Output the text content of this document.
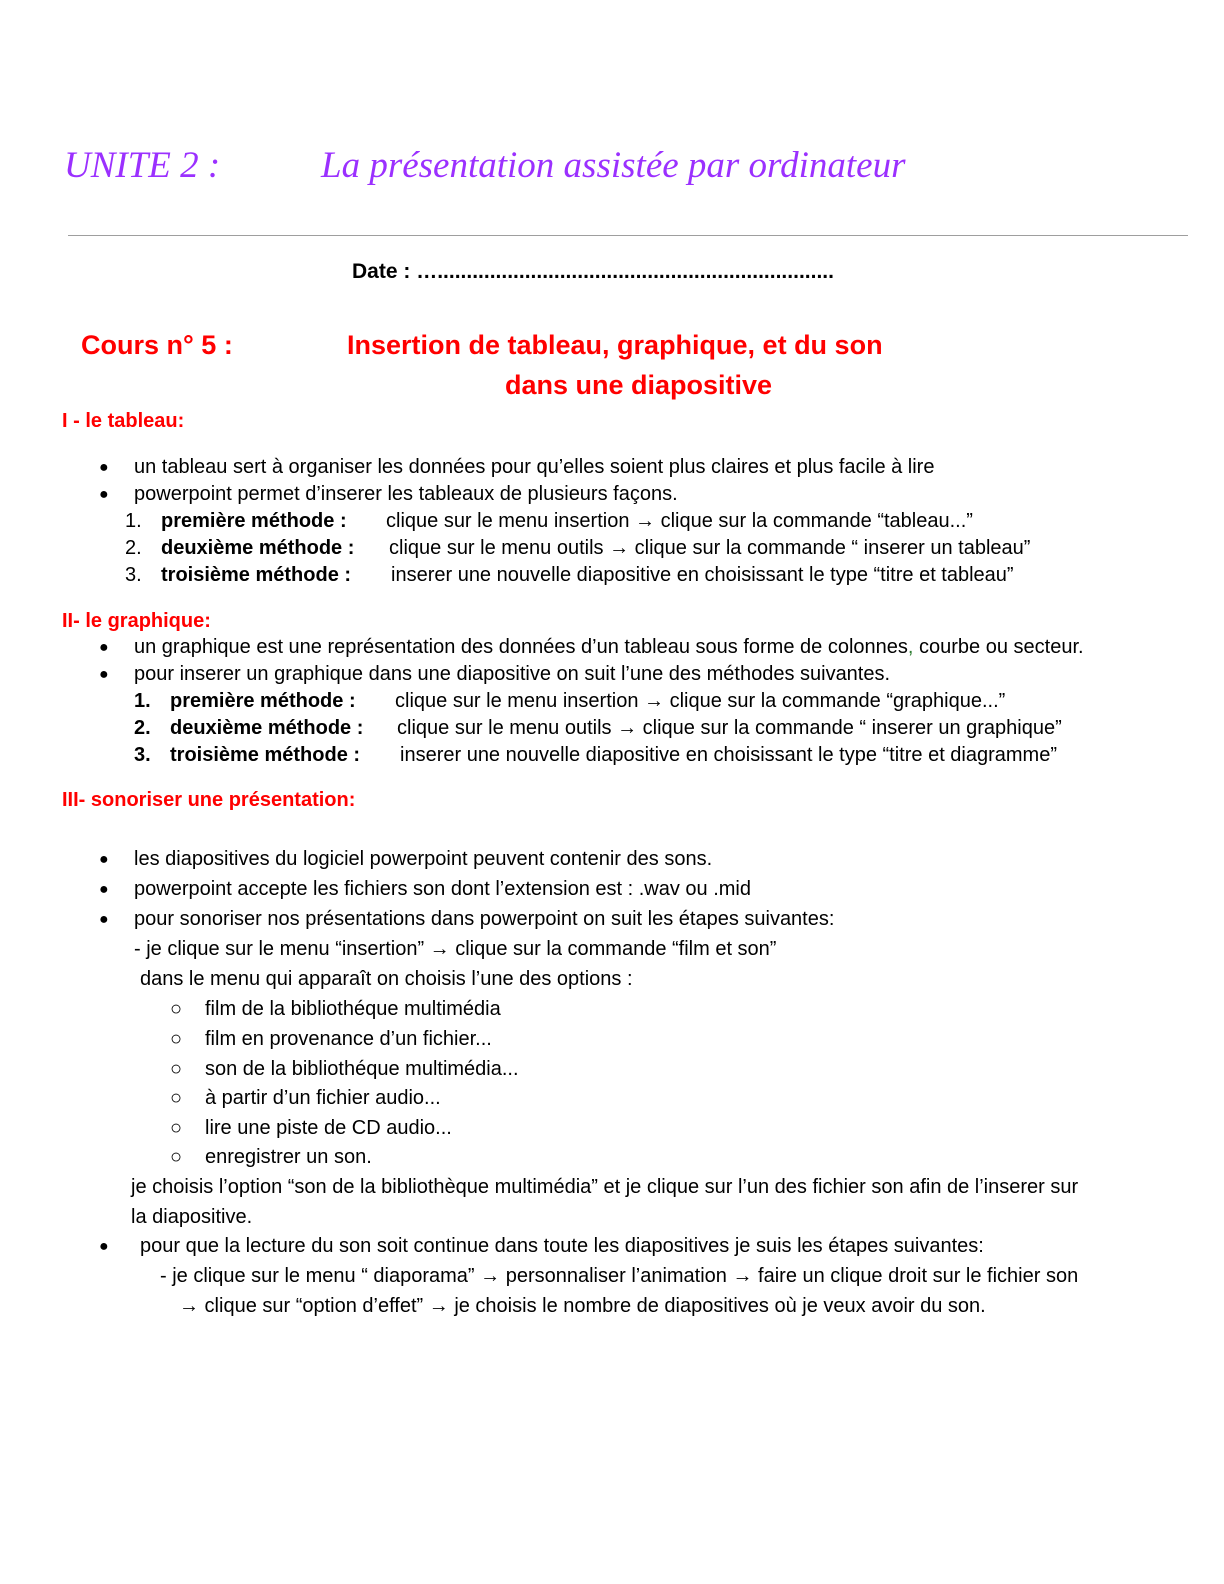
UNITE 2 :	La présentation assistée par ordinateur
Date : …....................................................................
Cours n° 5 :	Insertion de tableau, graphique, et du son
dans une diapositive
I - le tableau:
● un tableau sert à organiser les données pour qu’elles soient plus claires et plus facile à lire
● powerpoint permet d’inserer les tableaux de plusieurs façons.
1. première méthode : clique sur le menu insertion → clique sur la commande “tableau...”
2. deuxième méthode : clique sur le menu outils → clique sur la commande “ inserer un tableau”
3. troisième méthode : inserer une nouvelle diapositive en choisissant le type “titre et tableau”
II- le graphique:
● un graphique est une représentation des données d’un tableau sous forme de colonnes, courbe ou secteur.
● pour inserer un graphique dans une diapositive on suit l’une des méthodes suivantes.
1. première méthode : clique sur le menu insertion → clique sur la commande “graphique...”
2. deuxième méthode : clique sur le menu outils → clique sur la commande “ inserer un graphique”
3. troisième méthode : inserer une nouvelle diapositive en choisissant le type “titre et diagramme”
III- sonoriser une présentation:
● les diapositives du logiciel powerpoint peuvent contenir des sons.
● powerpoint accepte les fichiers son dont l’extension est : .wav ou .mid
● pour sonoriser nos présentations dans powerpoint on suit les étapes suivantes:
- je clique sur le menu “insertion” → clique sur la commande “film et son”
dans le menu qui apparaît on choisis l’une des options :
○ film de la bibliothéque multimédia
○ film en provenance d’un fichier...
○ son de la bibliothéque multimédia...
○ à partir d’un fichier audio...
○ lire une piste de CD audio...
○ enregistrer un son.
je choisis l’option “son de la bibliothèque multimédia” et je clique sur l’un des fichier son afin de l’inserer sur
la diapositive.
● pour que la lecture du son soit continue dans toute les diapositives je suis les étapes suivantes:
- je clique sur le menu “ diaporama” → personnaliser l’animation → faire un clique droit sur le fichier son
→ clique sur “option d’effet” → je choisis le nombre de diapositives où je veux avoir du son.
